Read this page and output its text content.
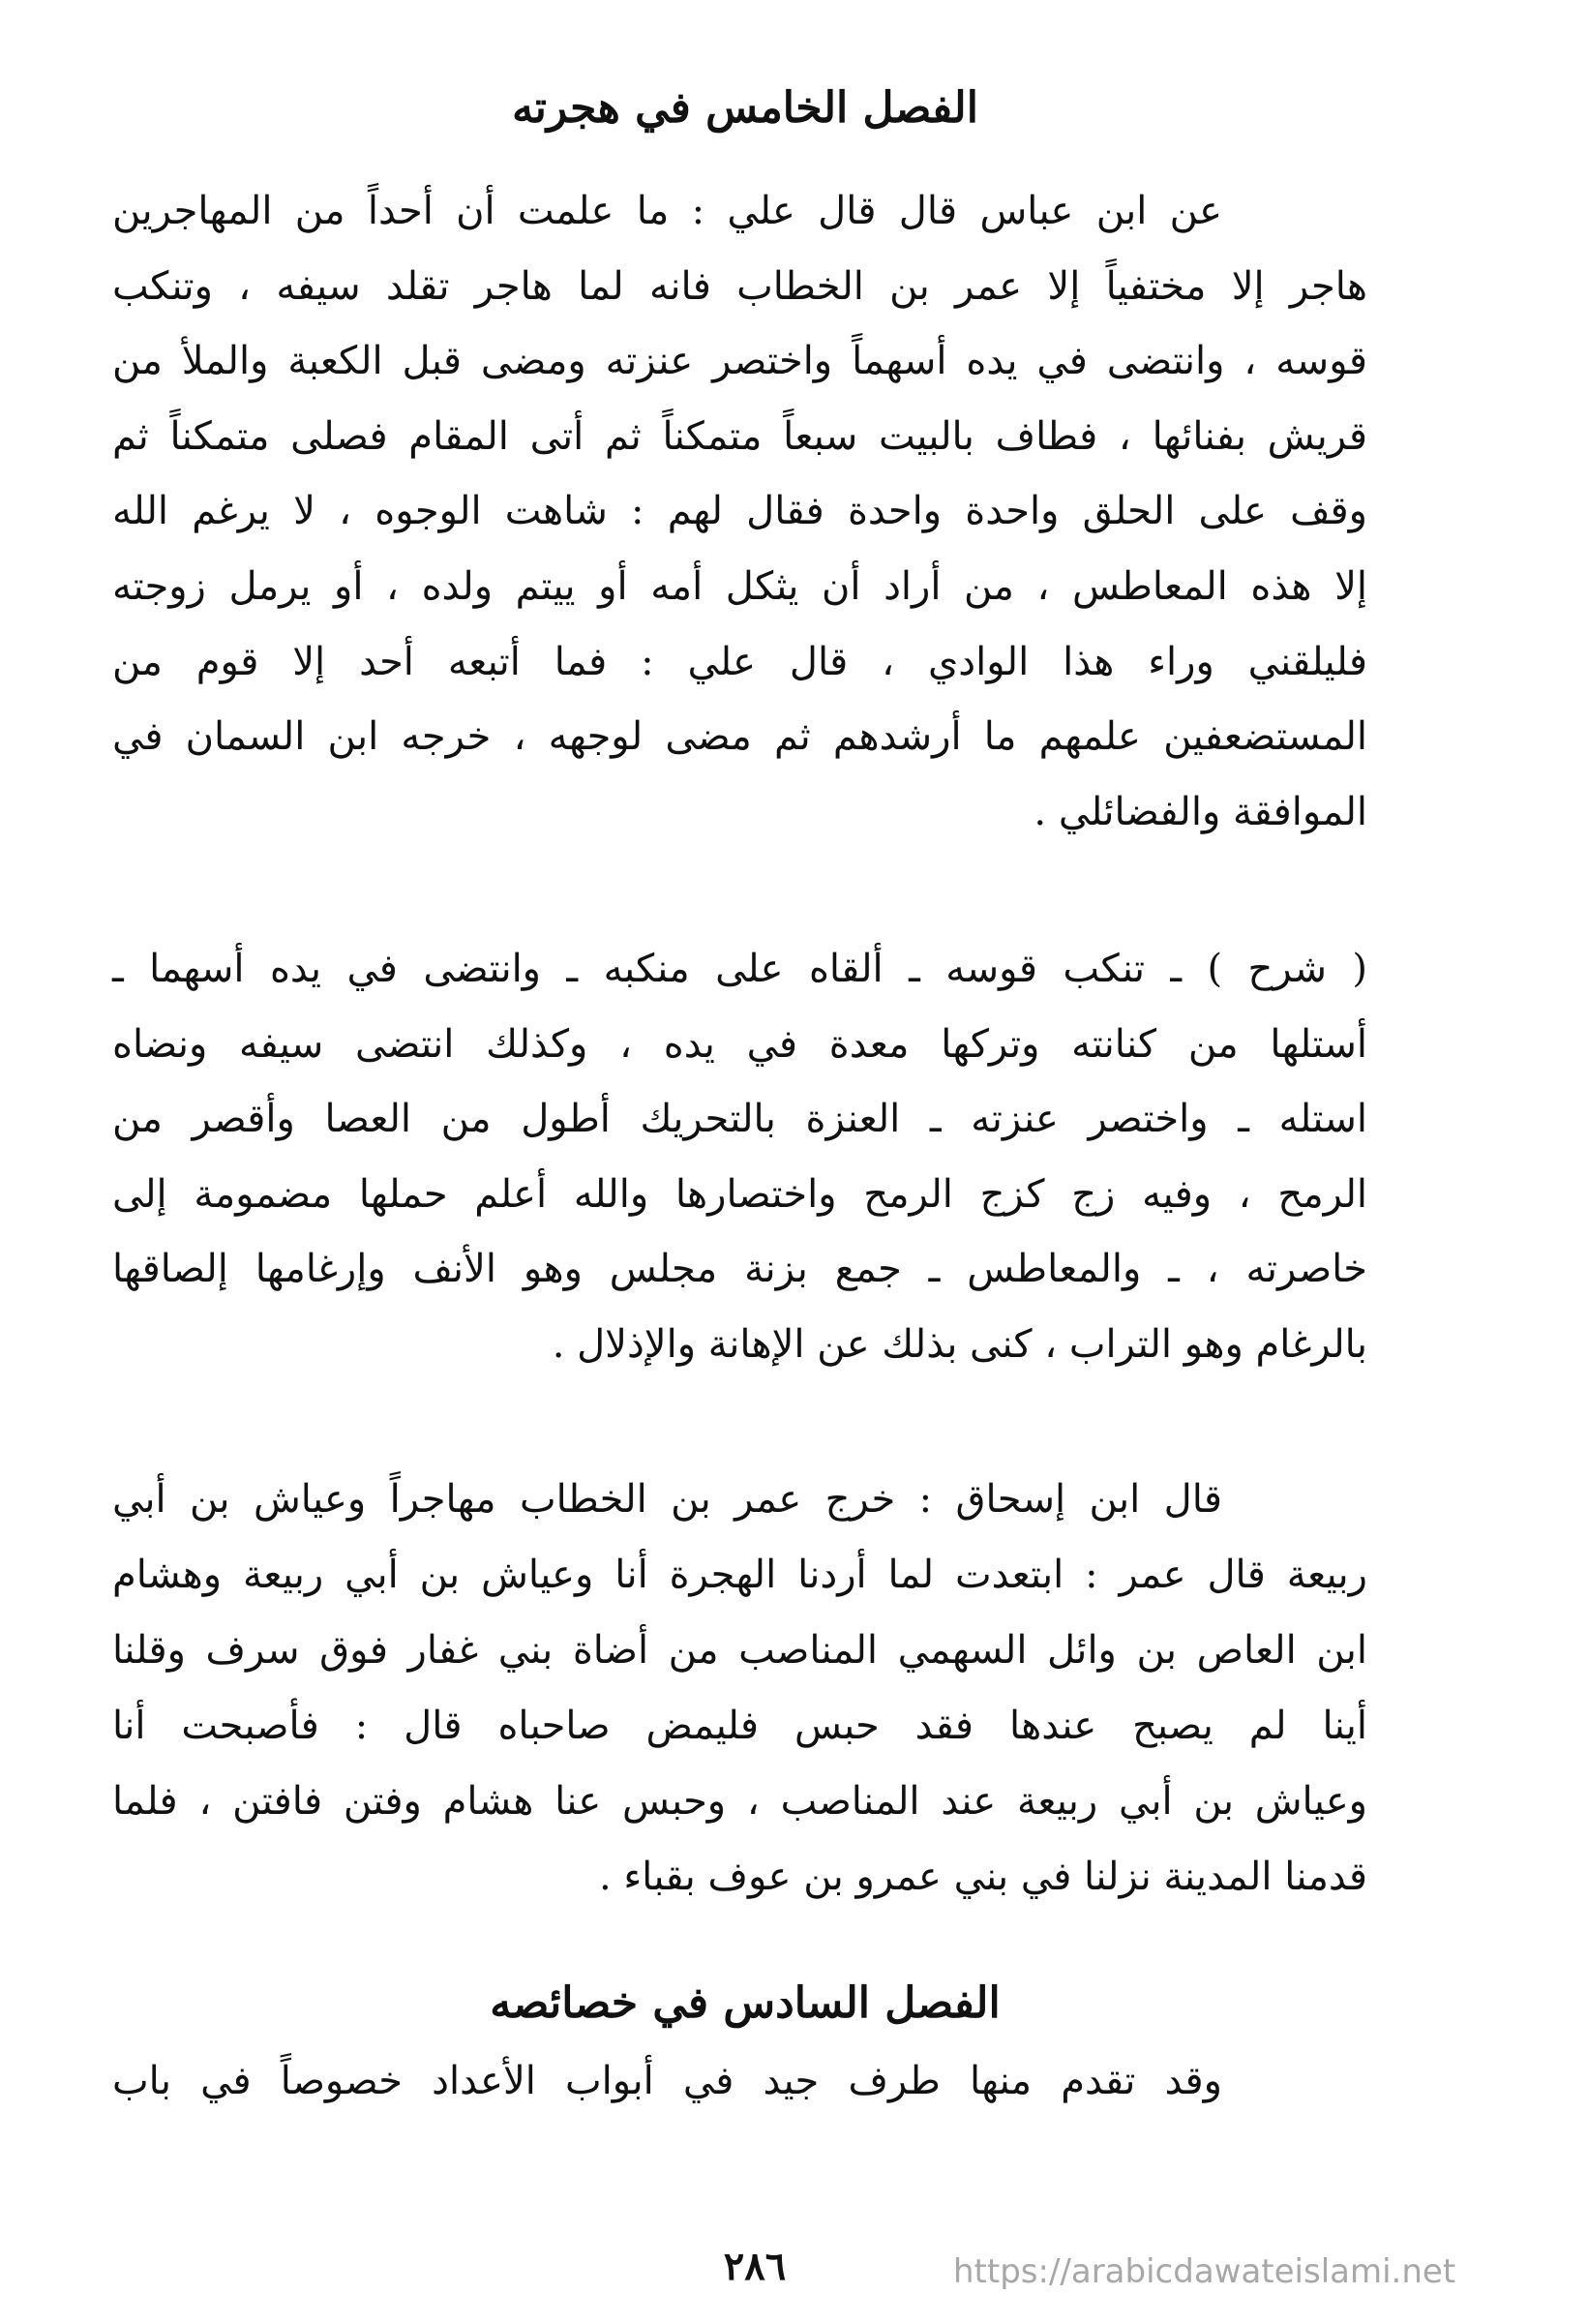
الفصل الخامس في هجرته
عن ابن عباس قال قال علي : ما علمت أن أحداً من المهاجرين
هاجر إلا مختفياً إلا عمر بن الخطاب فانه لما هاجر تقلد سيفه ، وتنكب
قوسه ، وانتضى في يده أسهماً واختصر عنزته ومضى قبل الكعبة والملأ من
قريش بفنائها ، فطاف بالبيت سبعاً متمكناً ثم أتى المقام فصلى متمكناً ثم
وقف على الحلق واحدة واحدة فقال لهم : شاهت الوجوه ، لا يرغم الله
إلا هذه المعاطس ، من أراد أن يثكل أمه أو ييتم ولده ، أو يرمل زوجته
فليلقني وراء هذا الوادي ، قال علي : فما أتبعه أحد إلا قوم من
المستضعفين علمهم ما أرشدهم ثم مضى لوجهه ، خرجه ابن السمان في
الموافقة والفضائلي .
( شرح ) ـ تنكب قوسه ـ ألقاه على منكبه ـ وانتضى في يده أسهما ـ
أستلها من كنانته وتركها معدة في يده ، وكذلك انتضى سيفه ونضاه
استله ـ واختصر عنزته ـ العنزة بالتحريك أطول من العصا وأقصر من
الرمح ، وفيه زج كزج الرمح واختصارها والله أعلم حملها مضمومة إلى
خاصرته ، ـ والمعاطس ـ جمع بزنة مجلس وهو الأنف وإرغامها إلصاقها
بالرغام وهو التراب ، كنى بذلك عن الإهانة والإذلال .
قال ابن إسحاق : خرج عمر بن الخطاب مهاجراً وعياش بن أبي
ربيعة قال عمر : ابتعدت لما أردنا الهجرة أنا وعياش بن أبي ربيعة وهشام
ابن العاص بن وائل السهمي المناصب من أضاة بني غفار فوق سرف وقلنا
أينا لم يصبح عندها فقد حبس فليمض صاحباه قال : فأصبحت أنا
وعياش بن أبي ربيعة عند المناصب ، وحبس عنا هشام وفتن فافتن ، فلما
قدمنا المدينة نزلنا في بني عمرو بن عوف بقباء .
الفصل السادس في خصائصه
وقد تقدم منها طرف جيد في أبواب الأعداد خصوصاً في باب
٢٨٦	https://arabicdawateislami.net
